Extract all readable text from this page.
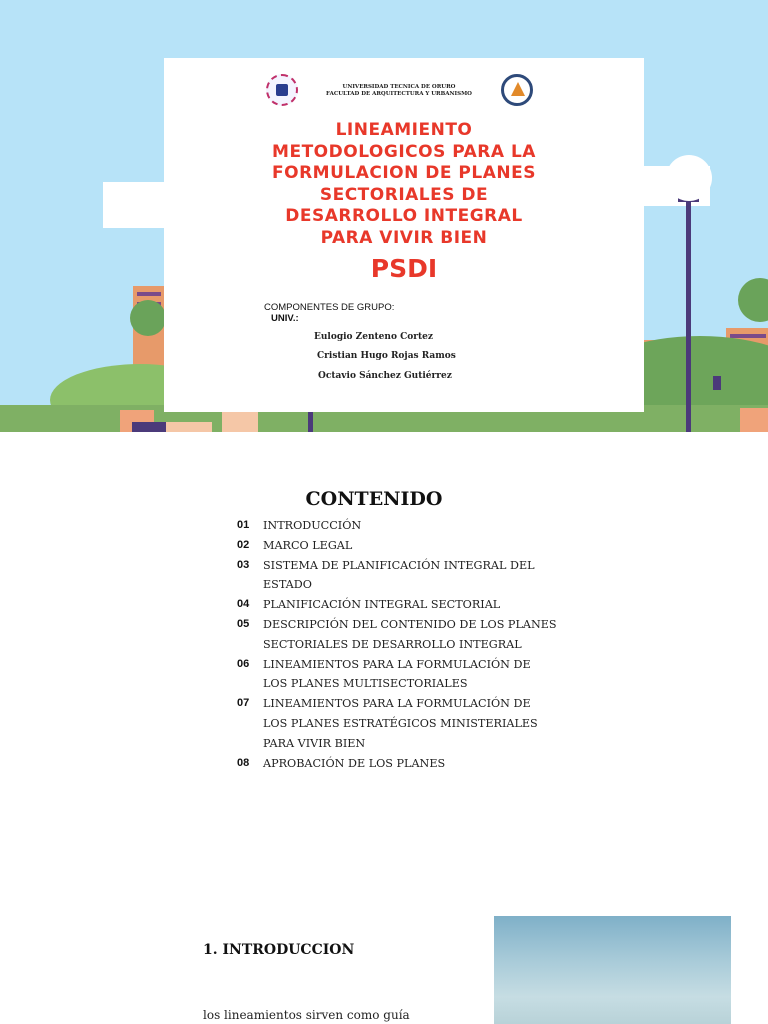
UNIVERSIDAD TECNICA DE ORURO
FACULTAD DE ARQUITECTURA Y URBANISMO
LINEAMIENTO
METODOLOGICOS PARA LA
FORMULACION DE PLANES
SECTORIALES DE
DESARROLLO INTEGRAL
PARA VIVIR BIEN
PSDI
COMPONENTES DE GRUPO:
UNIV.:
Eulogio Zenteno Cortez
Cristian Hugo Rojas Ramos
Octavio Sánchez Gutiérrez
CONTENIDO
01	INTRODUCCIÓN
02	MARCO LEGAL
03	SISTEMA DE PLANIFICACIÓN INTEGRAL DEL ESTADO
04	PLANIFICACIÓN INTEGRAL SECTORIAL
05	DESCRIPCIÓN DEL CONTENIDO DE LOS PLANES SECTORIALES DE DESARROLLO INTEGRAL
06	LINEAMIENTOS PARA LA FORMULACIÓN DE LOS PLANES MULTISECTORIALES
07	LINEAMIENTOS PARA LA FORMULACIÓN DE LOS PLANES ESTRATÉGICOS MINISTERIALES PARA VIVIR BIEN
08	APROBACIÓN DE LOS PLANES
1. INTRODUCCION
los lineamientos sirven como guía
